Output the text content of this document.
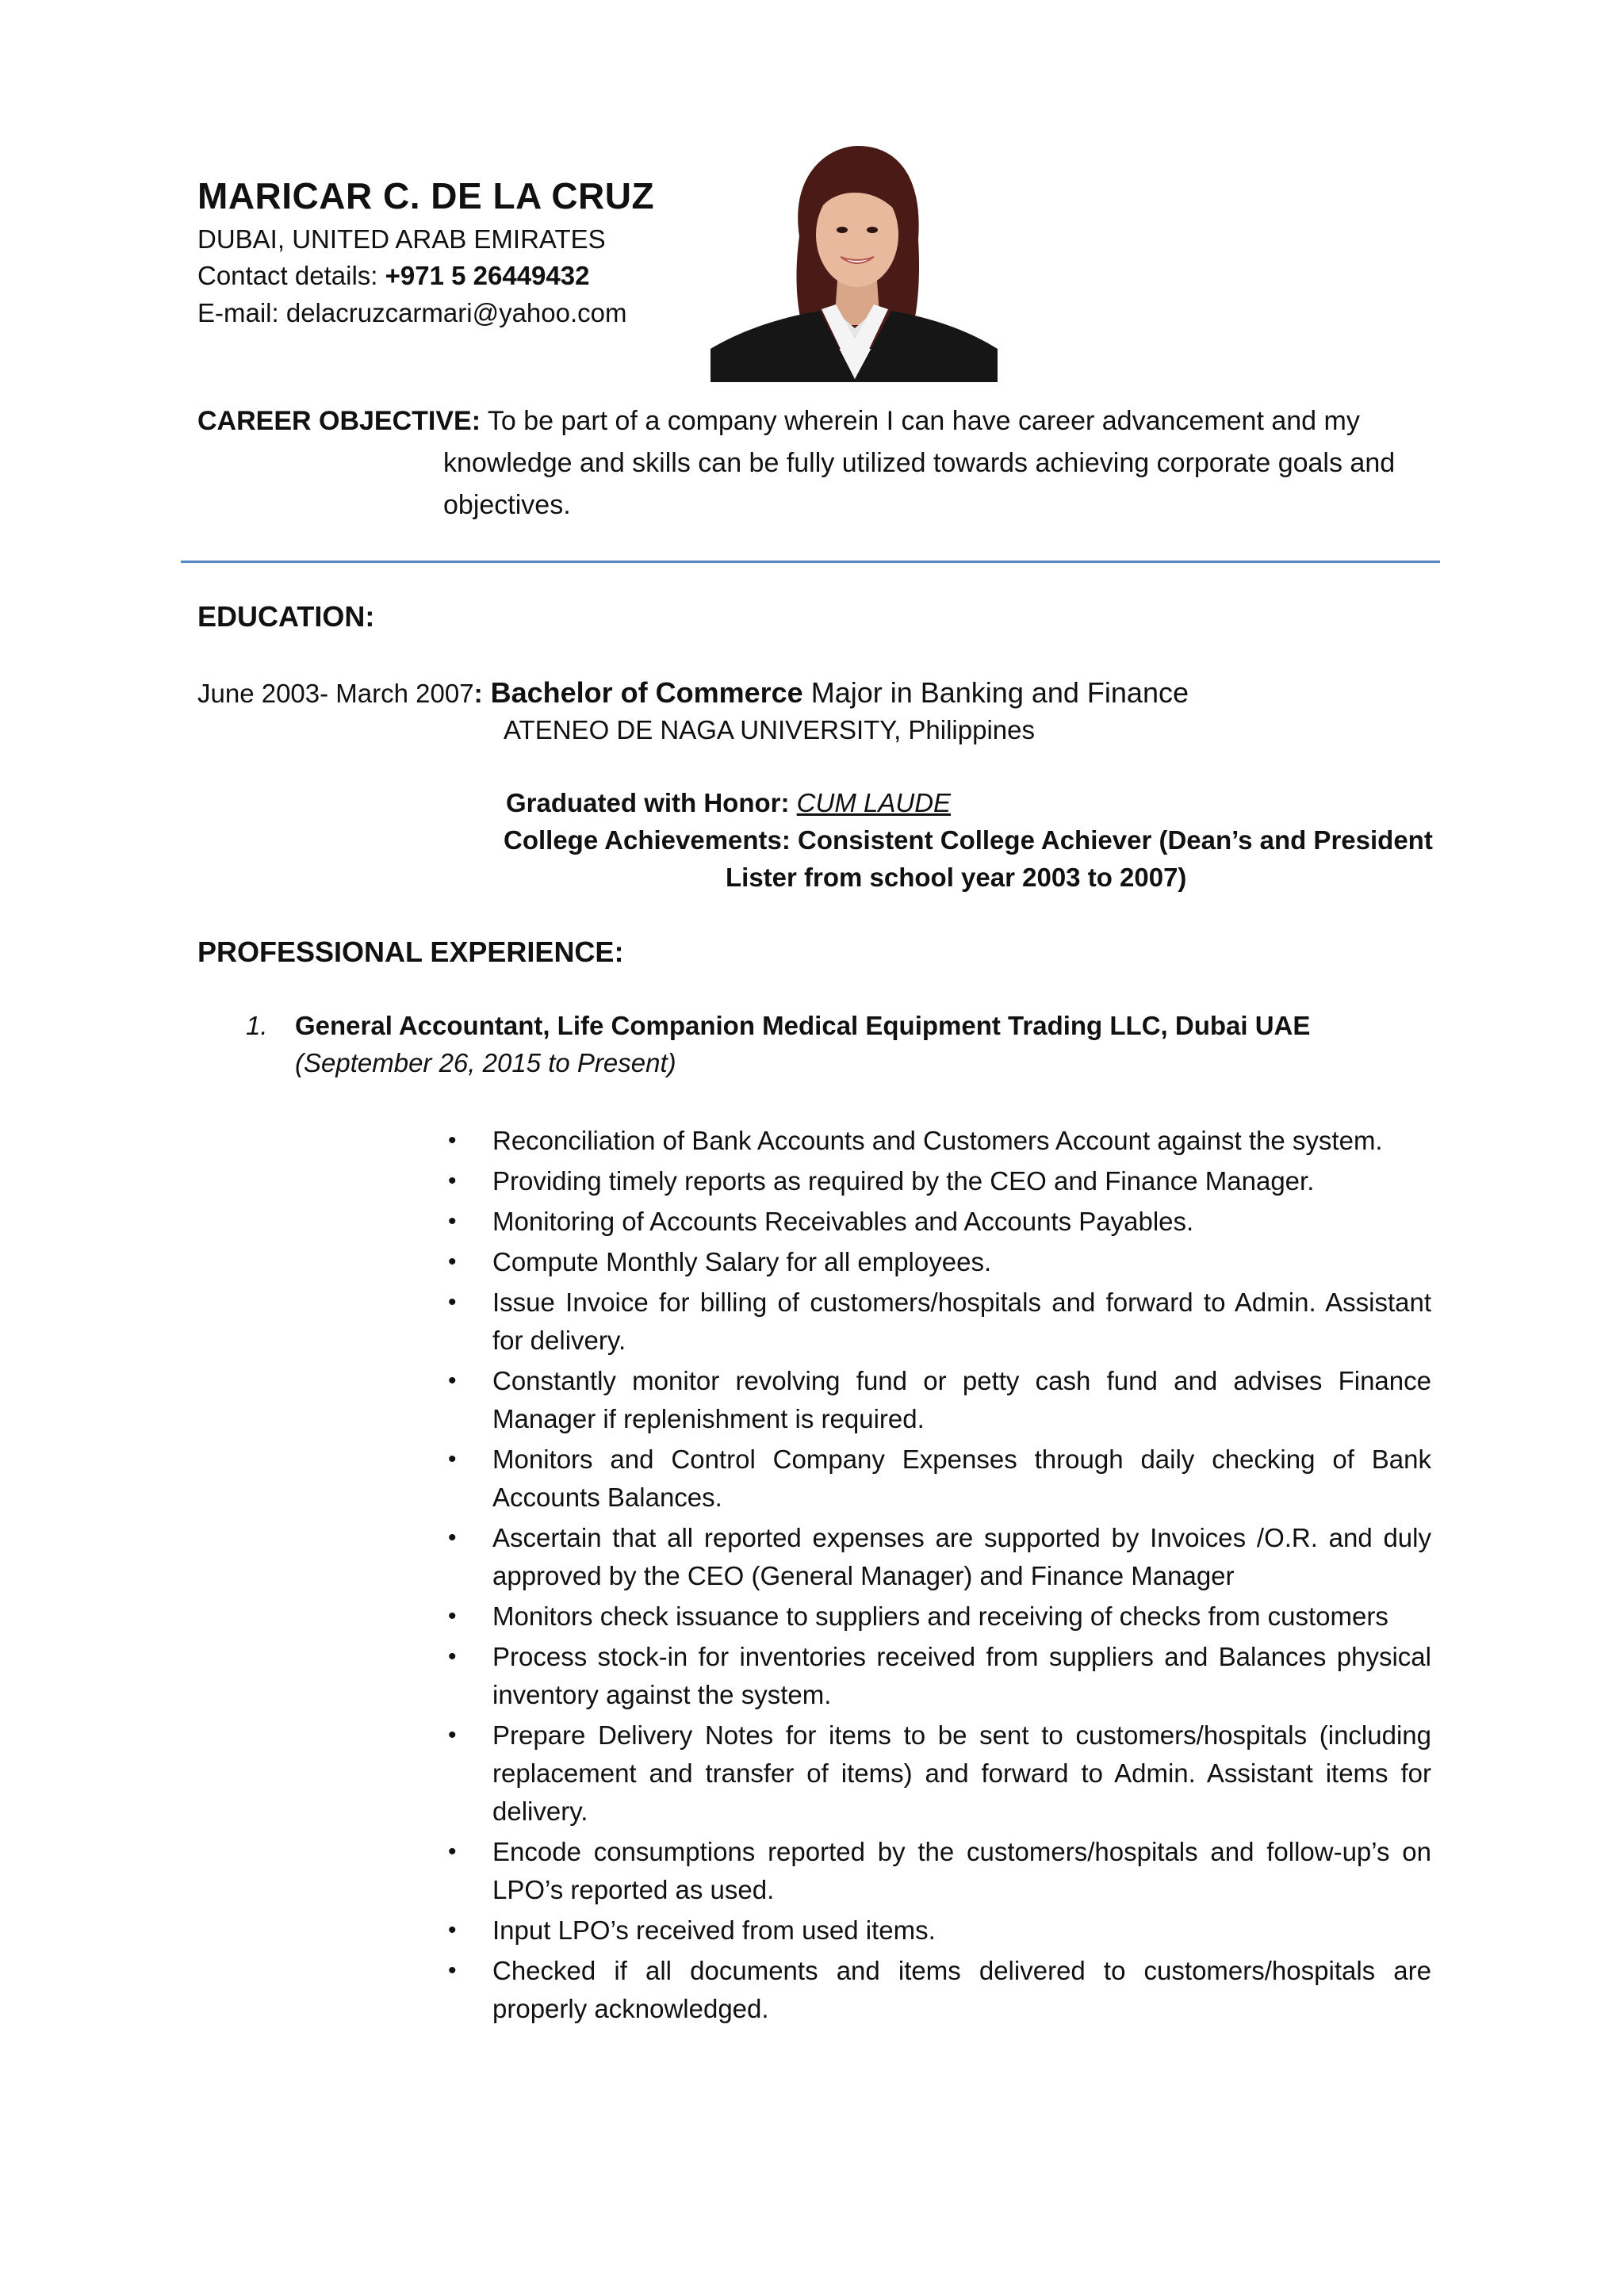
MARICAR C. DE LA CRUZ
DUBAI, UNITED ARAB EMIRATES
Contact details: +971 5 26449432
E-mail: delacruzcarmari@yahoo.com
CAREER OBJECTIVE: To be part of a company wherein I can have career advancement and my
knowledge and skills can be fully utilized towards achieving corporate goals and
objectives.
EDUCATION:
June 2003- March 2007: Bachelor of Commerce Major in Banking and Finance
ATENEO DE NAGA UNIVERSITY, Philippines
Graduated with Honor: CUM LAUDE
College Achievements: Consistent College Achiever (Dean’s and President
Lister from school year 2003 to 2007)
PROFESSIONAL EXPERIENCE:
1. General Accountant, Life Companion Medical Equipment Trading LLC, Dubai UAE
(September 26, 2015 to Present)
• Reconciliation of Bank Accounts and Customers Account against the system.
• Providing timely reports as required by the CEO and Finance Manager.
• Monitoring of Accounts Receivables and Accounts Payables.
• Compute Monthly Salary for all employees.
• Issue Invoice for billing of customers/hospitals and forward to Admin. Assistant for delivery.
• Constantly monitor revolving fund or petty cash fund and advises Finance Manager if replenishment is required.
• Monitors and Control Company Expenses through daily checking of Bank Accounts Balances.
• Ascertain that all reported expenses are supported by Invoices /O.R. and duly     approved by the CEO (General Manager) and Finance Manager
• Monitors check issuance to suppliers and receiving of checks from customers
• Process stock-in for inventories received from suppliers and Balances physical inventory against the system.
• Prepare Delivery Notes for items to be sent to customers/hospitals (including replacement and transfer of items) and forward to Admin. Assistant items for delivery.
• Encode consumptions reported by the customers/hospitals and follow-up’s on LPO’s reported as used.
• Input LPO’s received from used items.
• Checked if all documents and items delivered to customers/hospitals are properly acknowledged.
